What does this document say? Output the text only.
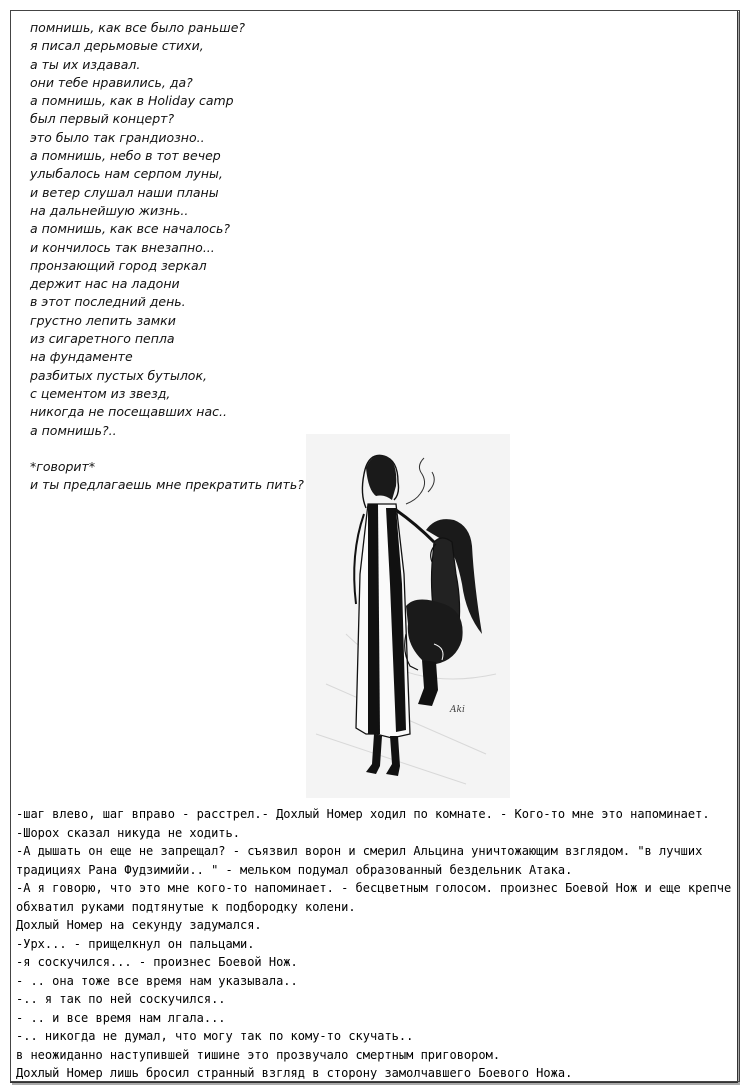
помнишь, как все было раньше?
я писал дерьмовые стихи,
а ты их издавал.
они тебе нравились, да?
а помнишь, как в Holiday camp
был первый концерт?
это было так грандиозно..
а помнишь, небо в тот вечер
улыбалось нам серпом луны,
и ветер слушал наши планы
на дальнейшую жизнь..
а помнишь, как все началось?
и кончилось так внезапно...
пронзающий город зеркал
держит нас на ладони
в этот последний день.
грустно лепить замки
из сигаретного пепла
на фундаменте
разбитых пустых бутылок,
с цементом из звезд,
никогда не посещавших нас..
а помнишь?..
*говорит*
и ты предлагаешь мне прекратить пить?
Aki
-шаг влево, шаг вправо - расстрел.- Дохлый Номер ходил по комнате. - Кого-то мне это напоминает.
-Шорох сказал никуда не ходить.
-А дышать он еще не запрещал? - съязвил ворон и смерил Альцина уничтожающим взглядом. "в лучших
традициях Рана Фудзимийи.. " - мельком подумал образованный бездельник Атака.
-А я говорю, что это мне кого-то напоминает. - бесцветным голосом. произнес Боевой Нож и еще крепче
обхватил руками подтянутые к подбородку колени.
Дохлый Номер на секунду задумался.
-Урх... - прищелкнул он пальцами.
-я соскучился... - произнес Боевой Нож.
- .. она тоже все время нам указывала..
-.. я так по ней соскучился..
- .. и все время нам лгала...
-.. никогда не думал, что могу так по кому-то скучать..
в неожиданно наступившей тишине это прозвучало смертным приговором.
Дохлый Номер лишь бросил странный взгляд в сторону замолчавшего Боевого Ножа.
